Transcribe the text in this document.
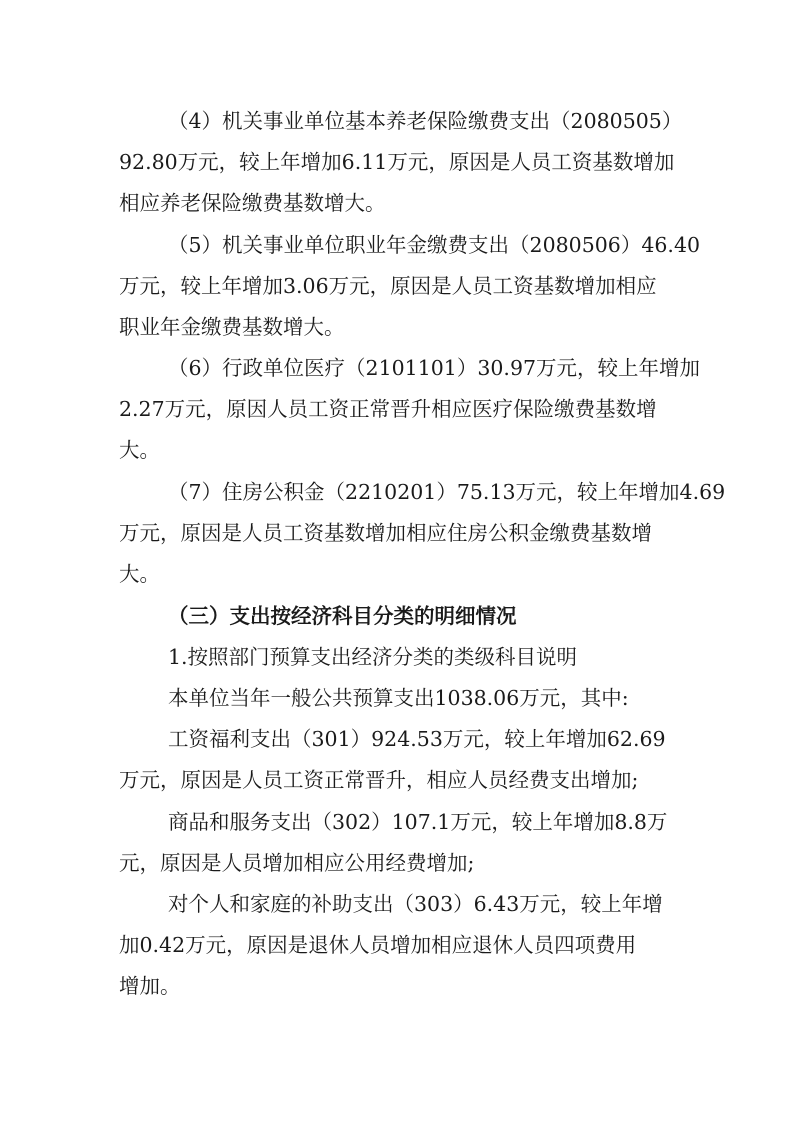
（4）机关事业单位基本养老保险缴费支出（2080505）
92.80万元，较上年增加6.11万元，原因是人员工资基数增加
相应养老保险缴费基数增大。
（5）机关事业单位职业年金缴费支出（2080506）46.40
万元，较上年增加3.06万元，原因是人员工资基数增加相应
职业年金缴费基数增大。
（6）行政单位医疗（2101101）30.97万元，较上年增加
2.27万元，原因人员工资正常晋升相应医疗保险缴费基数增
大。
（7）住房公积金（2210201）75.13万元，较上年增加4.69
万元，原因是人员工资基数增加相应住房公积金缴费基数增
大。
（三）支出按经济科目分类的明细情况
1.按照部门预算支出经济分类的类级科目说明
本单位当年一般公共预算支出1038.06万元，其中:
工资福利支出（301）924.53万元，较上年增加62.69
万元，原因是人员工资正常晋升，相应人员经费支出增加;
商品和服务支出（302）107.1万元，较上年增加8.8万
元，原因是人员增加相应公用经费增加;
对个人和家庭的补助支出（303）6.43万元，较上年增
加0.42万元，原因是退休人员增加相应退休人员四项费用
增加。
